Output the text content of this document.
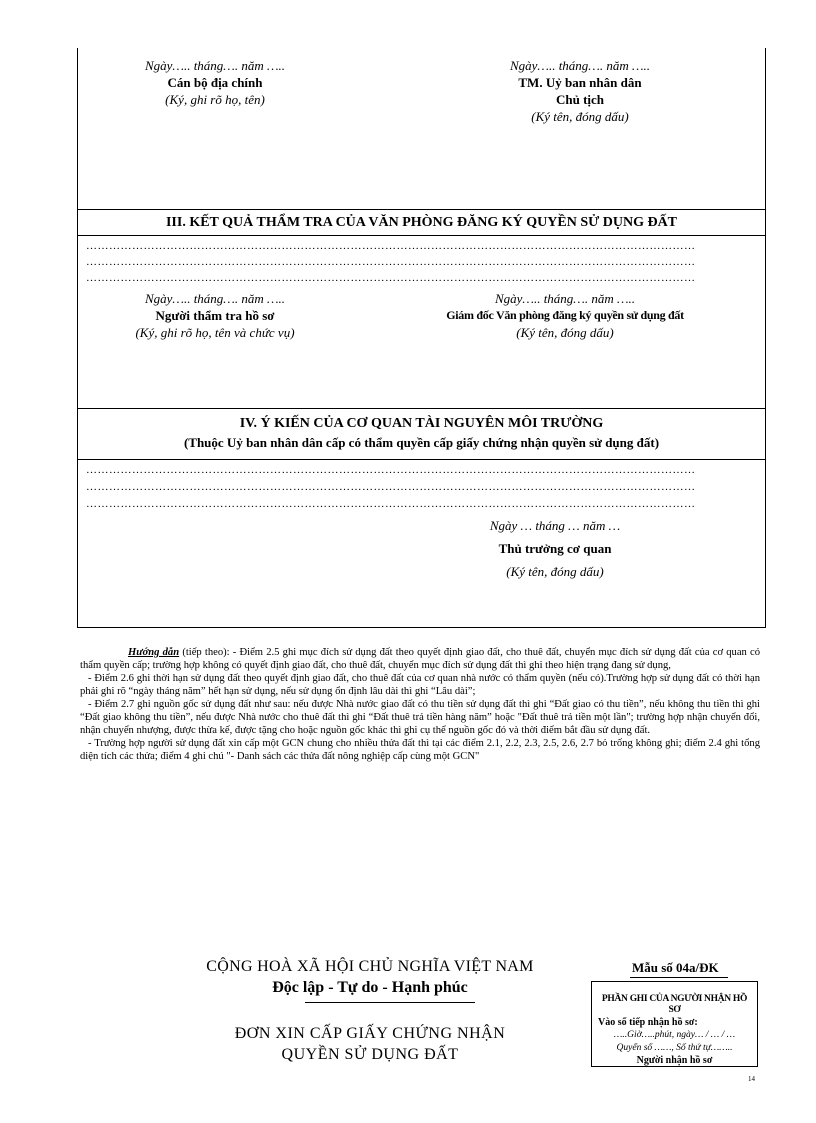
Ngày….. tháng…. năm …..
Cán bộ địa chính
(Ký, ghi rõ họ, tên)
Ngày….. tháng…. năm …..
TM. Uỷ ban nhân dân
Chủ tịch
(Ký tên, đóng dấu)
III. KẾT QUẢ THẨM TRA CỦA VĂN PHÒNG ĐĂNG KÝ QUYỀN SỬ DỤNG ĐẤT
……………………………………………………………………………………………………………………………………………
……………………………………………………………………………………………………………………………………………
……………………………………………………………………………………………………………………………………………
Ngày….. tháng…. năm …..
Người thẩm tra hồ sơ
(Ký, ghi rõ họ, tên và chức vụ)
Ngày….. tháng…. năm …..
Giám đốc Văn phòng đăng ký quyền sử dụng đất
(Ký tên, đóng dấu)
IV. Ý KIẾN CỦA CƠ QUAN TÀI NGUYÊN MÔI TRƯỜNG
(Thuộc Uỷ ban nhân dân cấp có thẩm quyền cấp giấy chứng nhận quyền sử dụng đất)
……………………………………………………………………………………………………………………………………………
……………………………………………………………………………………………………………………………………………
……………………………………………………………………………………………………………………………………………
Ngày … tháng … năm …
Thủ trưởng cơ quan
(Ký tên, đóng dấu)

Hướng dẫn (tiếp theo): - Điểm 2.5 ghi mục đích sử dụng đất theo quyết định giao đất, cho thuê đất, chuyển mục đích sử dụng đất của cơ quan có thẩm quyền cấp; trường hợp không có quyết định giao đất, cho thuê đất, chuyển mục đích sử dụng đất thì ghi theo hiện trạng đang sử dụng,

- Điểm 2.6 ghi thời hạn sử dụng đất theo quyết định giao đất, cho thuê đất của cơ quan nhà nước có thẩm quyền (nếu có).Trường hợp sử dụng đất có thời hạn phải ghi rõ “ngày tháng năm” hết hạn sử dụng, nếu sử dụng ổn định lâu dài thì ghi “Lâu dài”;

- Điểm 2.7 ghi nguồn gốc sử dụng đất như sau: nếu được Nhà nước giao đất có thu tiền sử dụng đất thì ghi “Đất giao có thu tiền”, nếu không thu tiền thì ghi “Đất giao không thu tiền”, nếu được Nhà nước cho thuê đất thì ghi “Đất thuê trả tiền hàng năm” hoặc "Đất thuê trả tiền một lần"; trường hợp nhận chuyển đổi, nhận chuyển nhượng, được thừa kế, được tặng cho hoặc nguồn gốc khác thì ghi cụ thể nguồn gốc đó và thời điểm bắt đầu sử dụng đất.

- Trường hợp người sử dụng đất xin cấp một GCN chung cho nhiều thửa đất thì tại các điểm 2.1, 2.2, 2.3, 2.5, 2.6, 2.7 bỏ trống không ghi; điểm 2.4 ghi tổng diện tích các thửa; điểm 4 ghi chú "- Danh sách các thửa đất nông nghiệp cấp cùng một GCN"

CỘNG HOÀ XÃ HỘI CHỦ NGHĨA VIỆT NAM
Độc lập - Tự do - Hạnh phúc
ĐƠN XIN CẤP GIẤY CHỨNG NHẬN
QUYỀN SỬ DỤNG ĐẤT
Mẫu số 04a/ĐK
PHẦN GHI CỦA NGƯỜI NHẬN HỒ SƠ
Vào sổ tiếp nhận hồ sơ:
…..Giờ…..phút, ngày… / … / …
Quyển số ……, Số thứ tự……..
Người nhận hồ sơ
14
